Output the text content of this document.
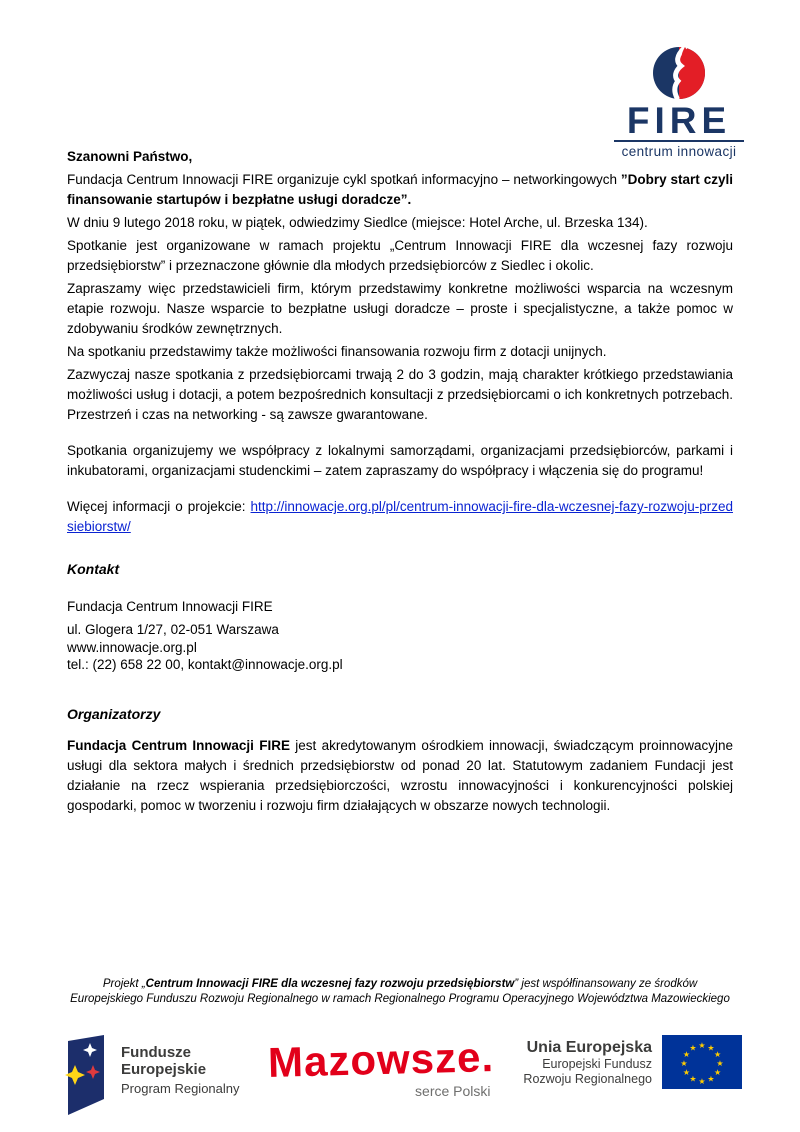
FIRE
centrum innowacji

Szanowni Państwo,

Fundacja Centrum Innowacji FIRE organizuje cykl spotkań informacyjno – networkingowych ”Dobry start czyli finansowanie startupów i bezpłatne usługi doradcze”.

W dniu 9 lutego 2018 roku, w piątek, odwiedzimy Siedlce (miejsce: Hotel Arche, ul. Brzeska 134).

Spotkanie jest organizowane w ramach projektu „Centrum Innowacji FIRE dla wczesnej fazy rozwoju przedsiębiorstw” i przeznaczone głównie dla młodych przedsiębiorców z Siedlec i okolic.

Zapraszamy więc przedstawicieli firm, którym przedstawimy konkretne możliwości wsparcia na wczesnym etapie rozwoju. Nasze wsparcie to bezpłatne usługi doradcze – proste i specjalistyczne, a także pomoc w zdobywaniu środków zewnętrznych.

Na spotkaniu przedstawimy także możliwości finansowania rozwoju firm z dotacji unijnych.

Zazwyczaj nasze spotkania z przedsiębiorcami trwają 2 do 3 godzin, mają charakter krótkiego przedstawiania możliwości usług i dotacji, a potem bezpośrednich konsultacji z przedsiębiorcami o ich konkretnych potrzebach. Przestrzeń i czas na networking - są zawsze gwarantowane.

Spotkania organizujemy we współpracy z lokalnymi samorządami, organizacjami przedsiębiorców, parkami i inkubatorami, organizacjami studenckimi – zatem zapraszamy do współpracy i włączenia się do programu!

Więcej informacji o projekcie: http://innowacje.org.pl/pl/centrum-innowacji-fire-dla-wczesnej-fazy-rozwoju-przedsiebiorstw/

Kontakt

Fundacja Centrum Innowacji FIRE

ul. Glogera 1/27, 02-051 Warszawa
www.innowacje.org.pl
tel.: (22) 658 22 00, kontakt@innowacje.org.pl

Organizatorzy

Fundacja Centrum Innowacji FIRE jest akredytowanym ośrodkiem innowacji, świadczącym proinnowacyjne usługi dla sektora małych i średnich przedsiębiorstw od ponad 20 lat. Statutowym zadaniem Fundacji jest działanie na rzecz wspierania przedsiębiorczości, wzrostu innowacyjności i konkurencyjności polskiej gospodarki, pomoc w tworzeniu i rozwoju firm działających w obszarze nowych technologii.

Projekt „Centrum Innowacji FIRE dla wczesnej fazy rozwoju przedsiębiorstw” jest współfinansowany ze środków Europejskiego Funduszu Rozwoju Regionalnego w ramach Regionalnego Programu Operacyjnego Województwa Mazowieckiego
Fundusze
Europejskie
Program Regionalny
Mazowsze.
serce Polski
Unia Europejska
Europejski Fundusz
Rozwoju Regionalnego
★ ★
★
★
★
★
★
★
★
★
★
★
